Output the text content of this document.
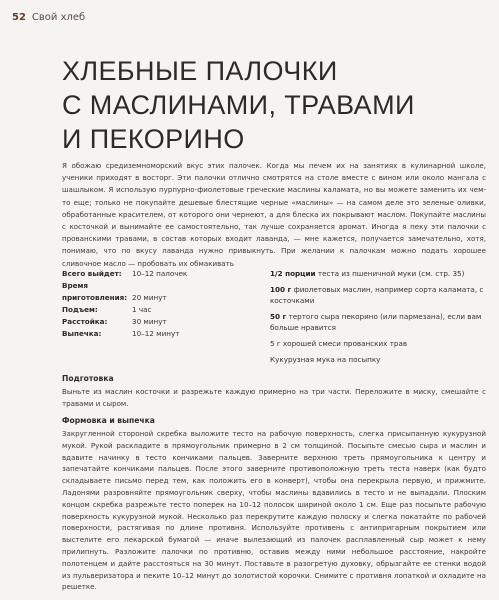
52 Свой хлеб
ХЛЕБНЫЕ ПАЛОЧКИ
С МАСЛИНАМИ, ТРАВАМИ
И ПЕКОРИНО

Я обожаю средиземноморский вкус этих палочек. Когда мы печем их на занятиях в кулинарной школе, ученики приходят в восторг. Эти палочки отлично смотрятся на столе вместе с вином или около мангала с шашлыком. Я использую пурпурно-фиолетовые греческие маслины каламата, но вы можете заменить их чем-то еще; только не покупайте дешевые блестящие черные «маслины» — на самом деле это зеленые оливки, обработанные красителем, от которого они чернеют, а для блеска их покрывают маслом. Покупайте маслины с косточкой и вынимайте ее самостоятельно, так лучше сохраняется аромат. Иногда я пеку эти палочки с прованскими травами, в состав которых входит лаванда, — мне кажется, получается замечательно, хотя, понимаю, что по вкусу лаванда нужно привыкнуть. При желании к палочкам можно подать хорошее сливочное масло — пробовать их обмакивать

Всего выйдет:	10–12 палочек
Время приготовления: 20 минут
Подъем:	1 час
Расстойка:	30 минут
Выпечка:	10–12 минут
1/2 порции теста из пшеничной муки (см. стр. 35)
100 г фиолетовых маслин, например сорта каламата, с косточками
50 г тертого сыра пекорино (или пармезана), если вам больше нравится
5 г хорошей смеси прованских трав
Кукурузная мука на посыпку
Подготовка

Выньте из маслин косточки и разрежьте каждую примерно на три части. Переложите в миску, смешайте с травами и сыром.

Формовка и выпечка

Закругленной стороной скребка выложите тесто на рабочую поверхность, слегка присыпанную кукурузной мукой. Рукой раскладите в прямоугольник примерно в 2 см толщиной. Посыпьте смесью сыра и маслин и вдавите начинку в тесто кончиками пальцев. Заверните верхнюю треть прямоугольника к центру и запечатайте кончиками пальцев. После этого заверните противоположную треть теста наверх (как будто складываете письмо перед тем, как положить его в конверт), чтобы она перекрыла первую, и прижмите. Ладонями разровняйте прямоугольник сверху, чтобы маслины вдавились в тесто и не выпадали. Плоским концом скребка разрежьте тесто поперек на 10–12 полосок шириной около 1 см. Еще раз посыпьте рабочую поверхность кукурузной мукой. Несколько раз перекрутите каждую полоску и слегка покатайте по рабочей поверхности, растягивая по длине противня. Используйте противень с антипригарным покрытием или выстелите его пекарской бумагой — иначе вылезающий из палочек расплавленный сыр может к нему прилипнуть. Разложите палочки по противню, оставив между ними небольшое расстояние, накройте полотенцем и дайте расстояться на 30 минут. Поставьте в разогретую духовку, обрызгайте ее стенки водой из пульверизатора и пеките 10–12 минут до золотистой корочки. Снимите с противня лопаткой и охладите на решетке.
